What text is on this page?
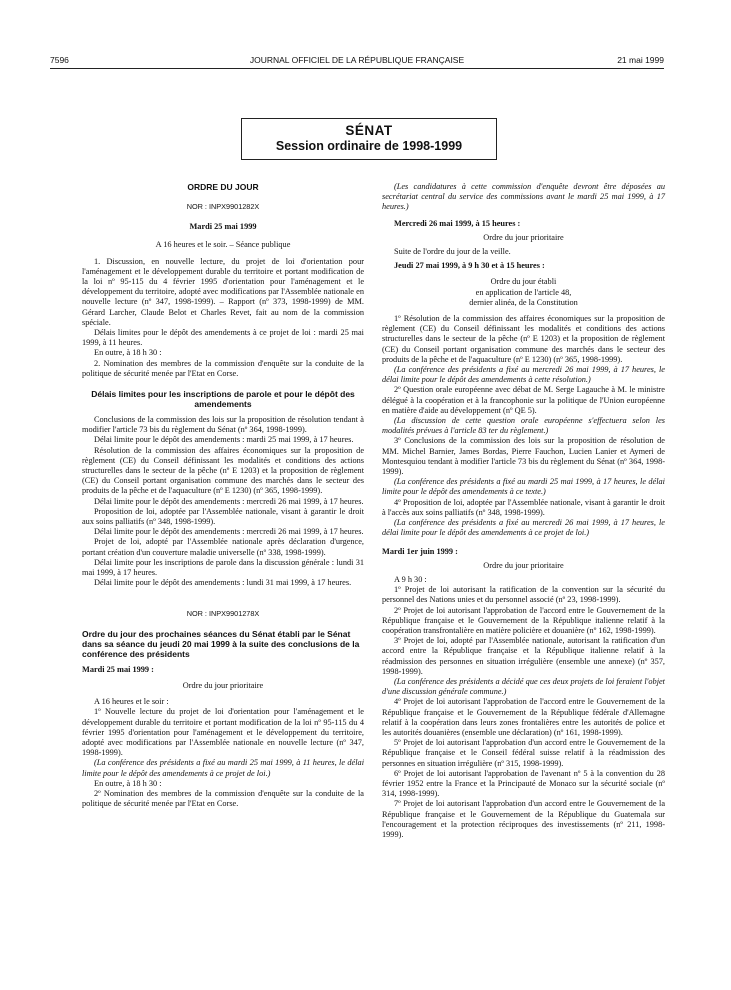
7596	JOURNAL OFFICIEL DE LA RÉPUBLIQUE FRANÇAISE	21 mai 1999
SÉNAT
Session ordinaire de 1998-1999

ORDRE DU JOUR

NOR : INPX9901282X

Mardi 25 mai 1999

A 16 heures et le soir. – Séance publique

1. Discussion, en nouvelle lecture, du projet de loi d'orientation pour l'aménagement et le développement durable du territoire et portant modification de la loi nº 95-115 du 4 février 1995 d'orientation pour l'aménagement et le développement du territoire, adopté avec modifications par l'Assemblée nationale en nouvelle lecture (nº 347, 1998-1999). – Rapport (nº 373, 1998-1999) de MM. Gérard Larcher, Claude Belot et Charles Revet, fait au nom de la commission spéciale.

Délais limites pour le dépôt des amendements à ce projet de loi : mardi 25 mai 1999, à 11 heures.

En outre, à 18 h 30 :

2. Nomination des membres de la commission d'enquête sur la conduite de la politique de sécurité menée par l'Etat en Corse.

Délais limites pour les inscriptions de parole et pour le dépôt des amendements

Conclusions de la commission des lois sur la proposition de résolution tendant à modifier l'article 73 bis du règlement du Sénat (nº 364, 1998-1999).

Délai limite pour le dépôt des amendements : mardi 25 mai 1999, à 17 heures.

Résolution de la commission des affaires économiques sur la proposition de règlement (CE) du Conseil définissant les modalités et conditions des actions structurelles dans le secteur de la pêche (nº E 1203) et la proposition de règlement (CE) du Conseil portant organisation commune des marchés dans le secteur des produits de la pêche et de l'aquaculture (nº E 1230) (nº 365, 1998-1999).

Délai limite pour le dépôt des amendements : mercredi 26 mai 1999, à 17 heures.

Proposition de loi, adoptée par l'Assemblée nationale, visant à garantir le droit aux soins palliatifs (nº 348, 1998-1999).

Délai limite pour le dépôt des amendements : mercredi 26 mai 1999, à 17 heures.

Projet de loi, adopté par l'Assemblée nationale après déclaration d'urgence, portant création d'un couverture maladie universelle (nº 338, 1998-1999).

Délai limite pour les inscriptions de parole dans la discussion générale : lundi 31 mai 1999, à 17 heures.

Délai limite pour le dépôt des amendements : lundi 31 mai 1999, à 17 heures.

NOR : INPX9901278X

Ordre du jour des prochaines séances du Sénat établi par le Sénat dans sa séance du jeudi 20 mai 1999 à la suite des conclusions de la conférence des présidents

Mardi 25 mai 1999 :

Ordre du jour prioritaire

A 16 heures et le soir :

1º Nouvelle lecture du projet de loi d'orientation pour l'aménagement et le développement durable du territoire et portant modification de la loi nº 95-115 du 4 février 1995 d'orientation pour l'aménagement et le développement du territoire, adopté avec modifications par l'Assemblée nationale en nouvelle lecture (nº 347, 1998-1999).

(La conférence des présidents a fixé au mardi 25 mai 1999, à 11 heures, le délai limite pour le dépôt des amendements à ce projet de loi.)

En outre, à 18 h 30 :

2º Nomination des membres de la commission d'enquête sur la conduite de la politique de sécurité menée par l'Etat en Corse.

(Les candidatures à cette commission d'enquête devront être déposées au secrétariat central du service des commissions avant le mardi 25 mai 1999, à 17 heures.)

Mercredi 26 mai 1999, à 15 heures :

Ordre du jour prioritaire

Suite de l'ordre du jour de la veille.

Jeudi 27 mai 1999, à 9 h 30 et à 15 heures :

Ordre du jour établi

en application de l'article 48,

dernier alinéa, de la Constitution

1º Résolution de la commission des affaires économiques sur la proposition de règlement (CE) du Conseil définissant les modalités et conditions des actions structurelles dans le secteur de la pêche (nº E 1203) et la proposition de règlement (CE) du Conseil portant organisation commune des marchés dans le secteur des produits de la pêche et de l'aquaculture (nº E 1230) (nº 365, 1998-1999).

(La conférence des présidents a fixé au mercredi 26 mai 1999, à 17 heures, le délai limite pour le dépôt des amendements à cette résolution.)

2º Question orale européenne avec débat de M. Serge Lagauche à M. le ministre délégué à la coopération et à la francophonie sur la politique de l'Union européenne en matière d'aide au développement (nº QE 5).

(La discussion de cette question orale européenne s'effectuera selon les modalités prévues à l'article 83 ter du règlement.)

3º Conclusions de la commission des lois sur la proposition de résolution de MM. Michel Barnier, James Bordas, Pierre Fauchon, Lucien Lanier et Aymeri de Montesquiou tendant à modifier l'article 73 bis du règlement du Sénat (nº 364, 1998-1999).

(La conférence des présidents a fixé au mardi 25 mai 1999, à 17 heures, le délai limite pour le dépôt des amendements à ce texte.)

4º Proposition de loi, adoptée par l'Assemblée nationale, visant à garantir le droit à l'accès aux soins palliatifs (nº 348, 1998-1999).

(La conférence des présidents a fixé au mercredi 26 mai 1999, à 17 heures, le délai limite pour le dépôt des amendements à ce projet de loi.)

Mardi 1er juin 1999 :

Ordre du jour prioritaire

A 9 h 30 :

1º Projet de loi autorisant la ratification de la convention sur la sécurité du personnel des Nations unies et du personnel associé (nº 23, 1998-1999).

2º Projet de loi autorisant l'approbation de l'accord entre le Gouvernement de la République française et le Gouvernement de la République italienne relatif à la coopération transfrontalière en matière policière et douanière (nº 162, 1998-1999).

3º Projet de loi, adopté par l'Assemblée nationale, autorisant la ratification d'un accord entre la République française et la République italienne relatif à la réadmission des personnes en situation irrégulière (ensemble une annexe) (nº 357, 1998-1999).

(La conférence des présidents a décidé que ces deux projets de loi feraient l'objet d'une discussion générale commune.)

4º Projet de loi autorisant l'approbation de l'accord entre le Gouvernement de la République française et le Gouvernement de la République fédérale d'Allemagne relatif à la coopération dans leurs zones frontalières entre les autorités de police et les autorités douanières (ensemble une déclaration) (nº 161, 1998-1999).

5º Projet de loi autorisant l'approbation d'un accord entre le Gouvernement de la République française et le Conseil fédéral suisse relatif à la réadmission des personnes en situation irrégulière (nº 315, 1998-1999).

6º Projet de loi autorisant l'approbation de l'avenant nº 5 à la convention du 28 février 1952 entre la France et la Principauté de Monaco sur la sécurité sociale (nº 314, 1998-1999).

7º Projet de loi autorisant l'approbation d'un accord entre le Gouvernement de la République française et le Gouvernement de la République du Guatemala sur l'encouragement et la protection réciproques des investissements (nº 211, 1998-1999).
